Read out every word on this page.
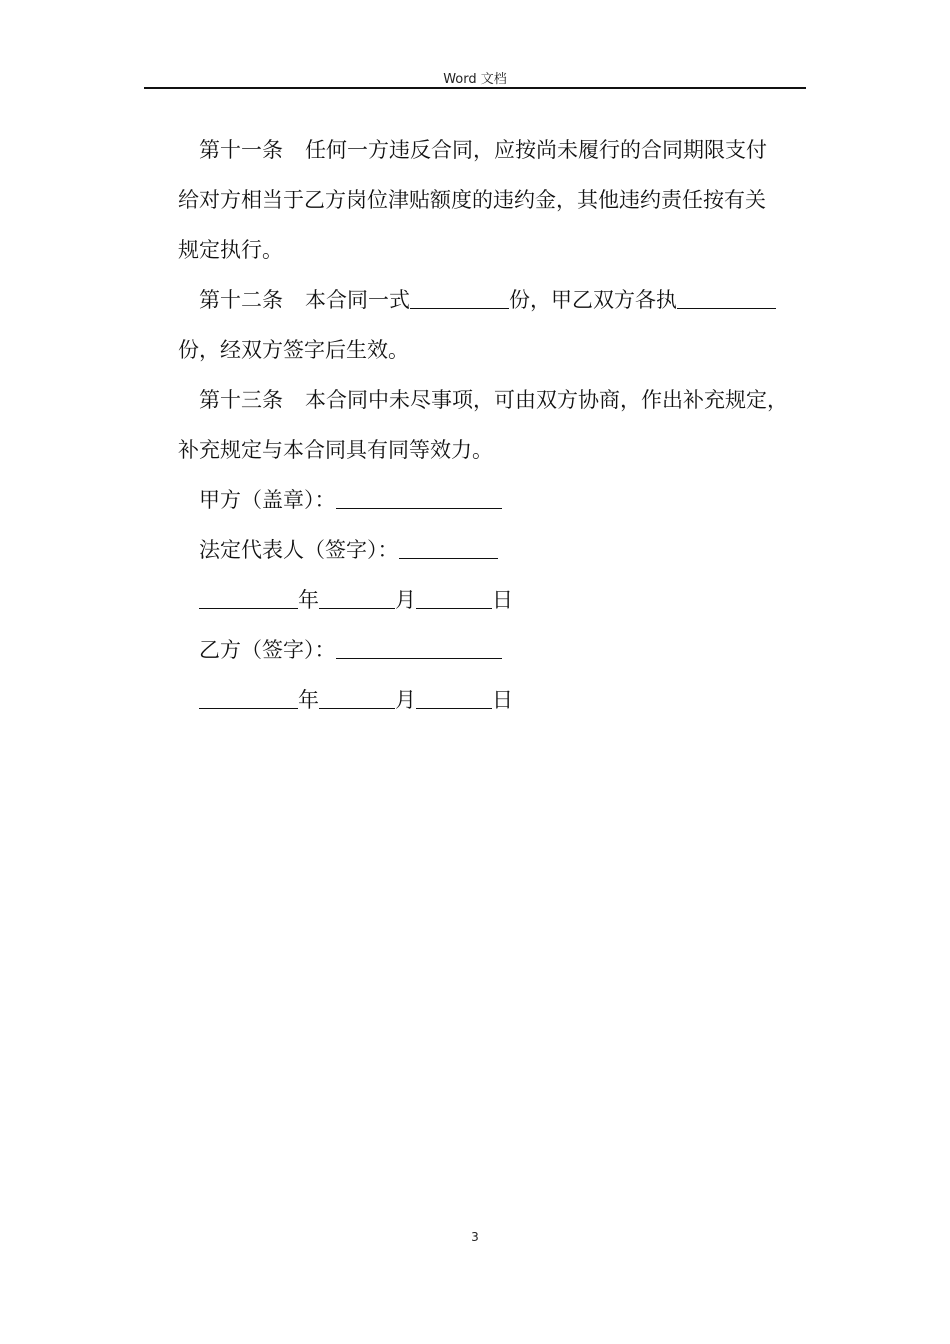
Word 文档
第十一条 任何一方违反合同，应按尚未履行的合同期限支付
给对方相当于乙方岗位津贴额度的违约金，其他违约责任按有关
规定执行。
第十二条 本合同一式	份，甲乙双方各执
份，经双方签字后生效。
第十三条 本合同中未尽事项，可由双方协商，作出补充规定，
补充规定与本合同具有同等效力。
甲方（盖章）：
法定代表人（签字）：
年	月	日
乙方（签字）：
年	月	日
3
